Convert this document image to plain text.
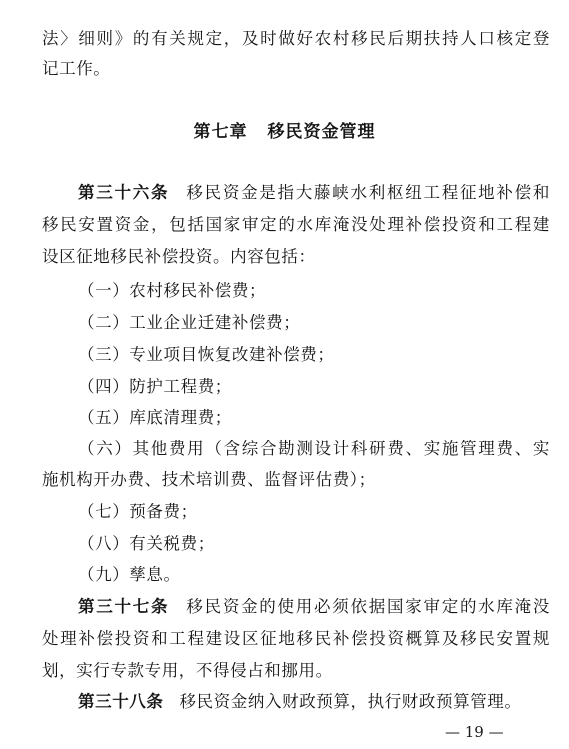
法〉细则》的有关规定，及时做好农村移民后期扶持人口核定登
记工作。
第七章 移民资金管理
第三十六条 移民资金是指大藤峡水利枢纽工程征地补偿和
移民安置资金，包括国家审定的水库淹没处理补偿投资和工程建
设区征地移民补偿投资。内容包括：
（一）农村移民补偿费；
（二）工业企业迁建补偿费；
（三）专业项目恢复改建补偿费；
（四）防护工程费；
（五）库底清理费；
（六）其他费用（含综合勘测设计科研费、实施管理费、实
施机构开办费、技术培训费、监督评估费）；
（七）预备费；
（八）有关税费；
（九）孳息。
第三十七条 移民资金的使用必须依据国家审定的水库淹没
处理补偿投资和工程建设区征地移民补偿投资概算及移民安置规
划，实行专款专用，不得侵占和挪用。
第三十八条 移民资金纳入财政预算，执行财政预算管理。
— 19 —
